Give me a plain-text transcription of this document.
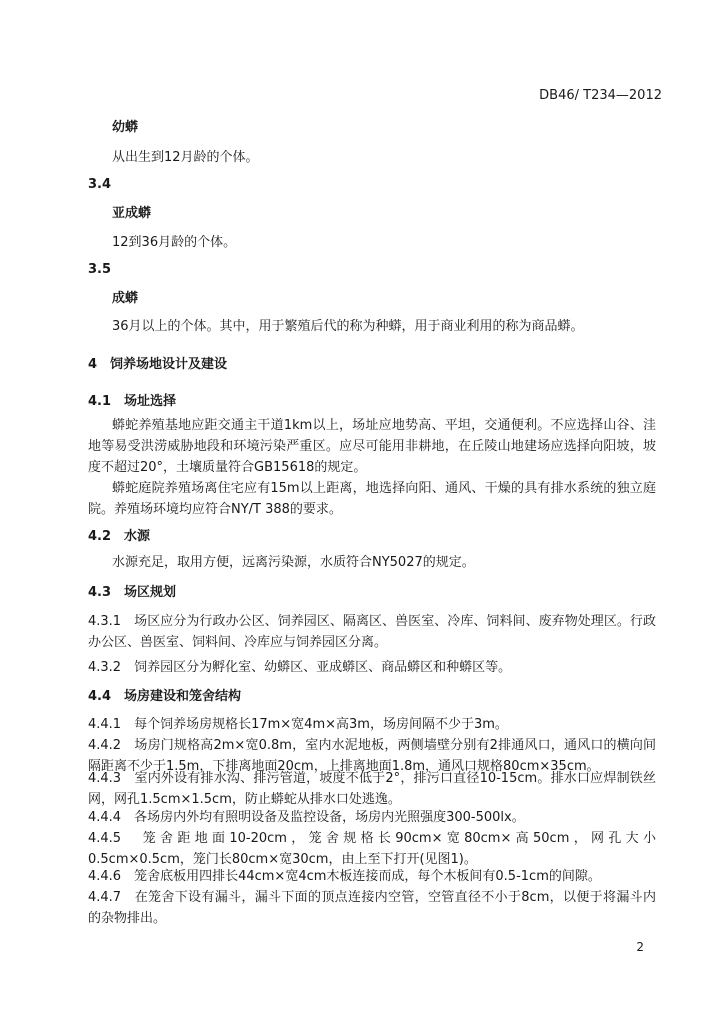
DB46/ T234—2012
幼蟒
从出生到12月龄的个体。
3.4
亚成蟒
12到36月龄的个体。
3.5
成蟒
36月以上的个体。其中，用于繁殖后代的称为种蟒，用于商业利用的称为商品蟒。
4　饲养场地设计及建设
4.1　场址选择
蟒蛇养殖基地应距交通主干道1km以上，场址应地势高、平坦，交通便利。不应选择山谷、洼地等易受洪涝威胁地段和环境污染严重区。应尽可能用非耕地，在丘陵山地建场应选择向阳坡，坡度不超过20°，土壤质量符合GB15618的规定。
蟒蛇庭院养殖场离住宅应有15m以上距离，地选择向阳、通风、干燥的具有排水系统的独立庭院。养殖场环境均应符合NY/T 388的要求。
4.2　水源
水源充足，取用方便，远离污染源，水质符合NY5027的规定。
4.3　场区规划
4.3.1　场区应分为行政办公区、饲养园区、隔离区、兽医室、冷库、饲料间、废弃物处理区。行政办公区、兽医室、饲料间、冷库应与饲养园区分离。
4.3.2　饲养园区分为孵化室、幼蟒区、亚成蟒区、商品蟒区和种蟒区等。
4.4　场房建设和笼舍结构
4.4.1　每个饲养场房规格长17m×宽4m×高3m，场房间隔不少于3m。
4.4.2　场房门规格高2m×宽0.8m，室内水泥地板，两侧墙壁分别有2排通风口，通风口的横向间隔距离不少于1.5m，下排离地面20cm，上排离地面1.8m，通风口规格80cm×35cm。
4.4.3　室内外设有排水沟、排污管道，坡度不低于2°，排污口直径10-15cm。排水口应焊制铁丝网，网孔1.5cm×1.5cm，防止蟒蛇从排水口处逃逸。
4.4.4　各场房内外均有照明设备及监控设备，场房内光照强度300-500lx。
4.4.5　笼舍距地面10-20cm，笼舍规格长90cm×宽80cm×高50cm，网孔大小0.5cm×0.5cm，笼门长80cm×宽30cm，由上至下打开(见图1)。
4.4.6　笼舍底板用四排长44cm×宽4cm木板连接而成，每个木板间有0.5-1cm的间隙。
4.4.7　在笼舍下设有漏斗，漏斗下面的顶点连接内空管，空管直径不小于8cm，以便于将漏斗内的杂物排出。
2
